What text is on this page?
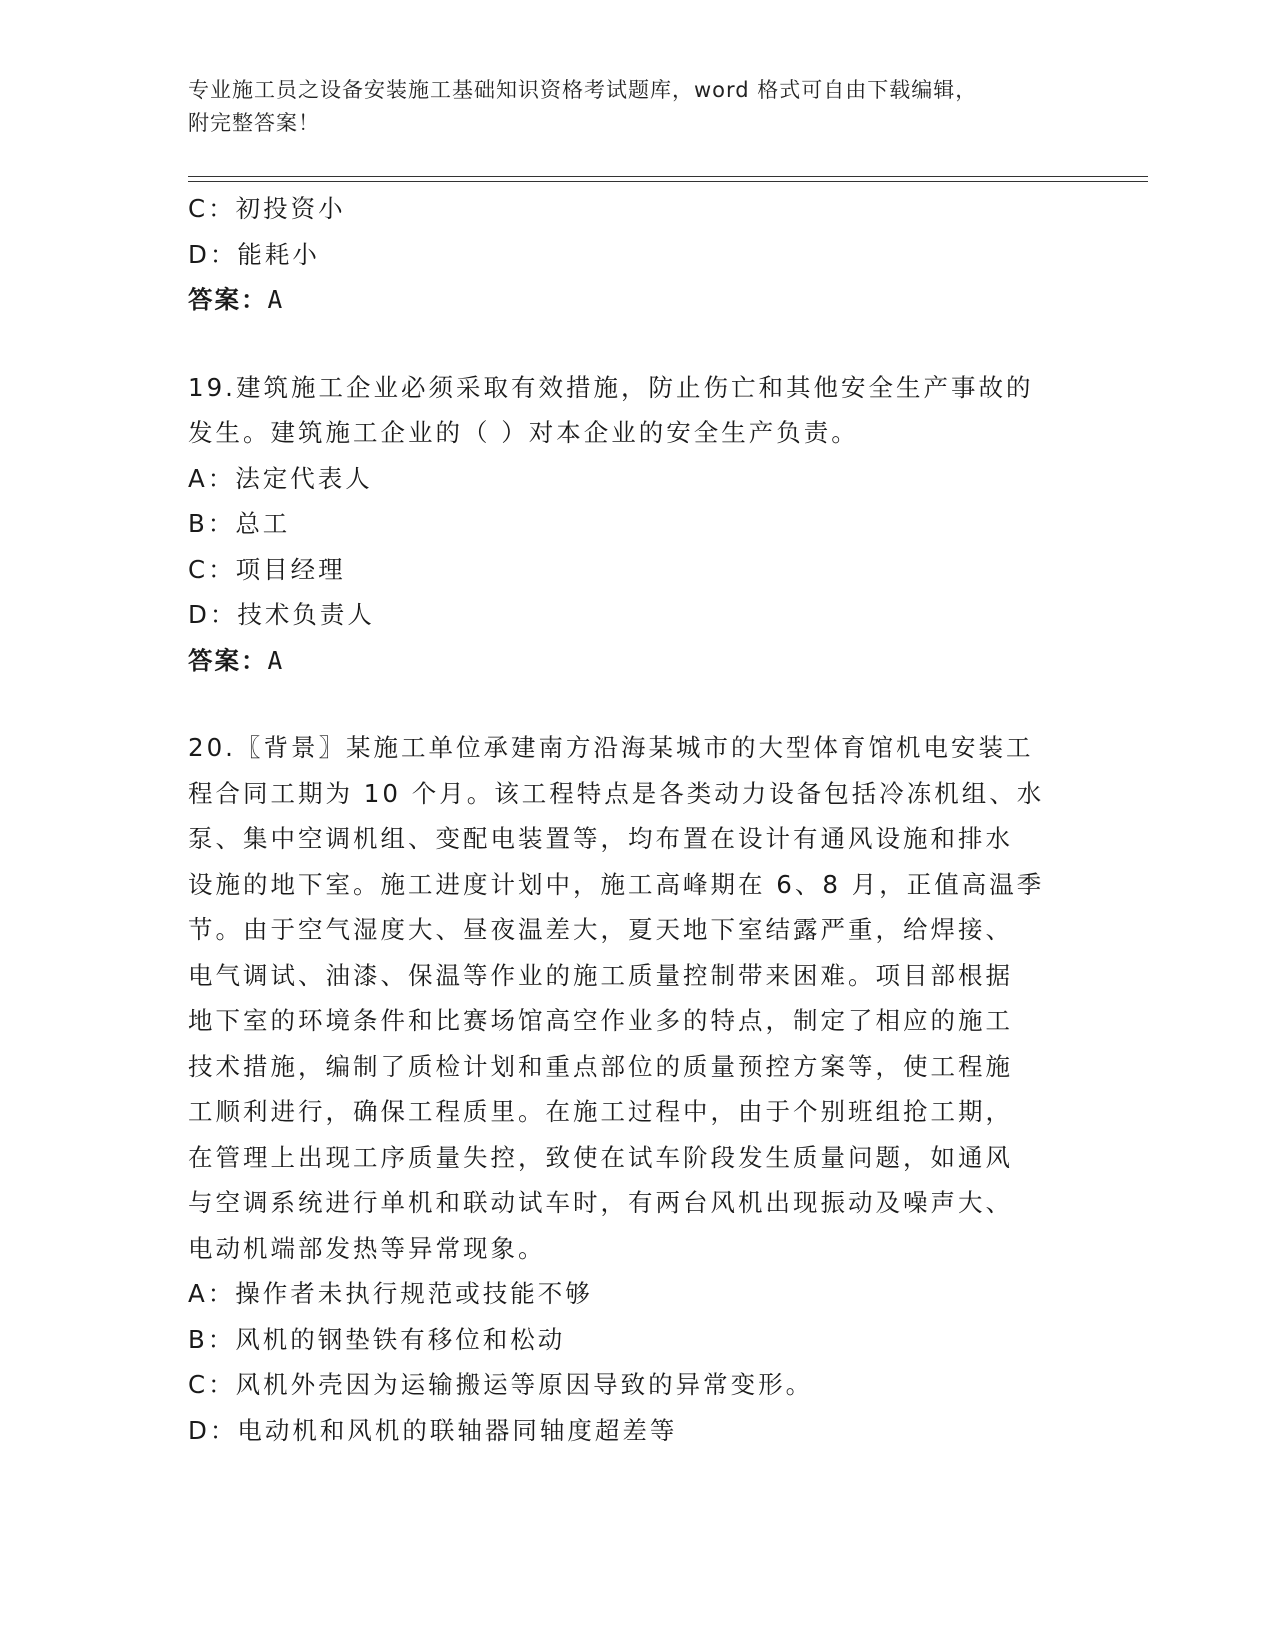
专业施工员之设备安装施工基础知识资格考试题库，word 格式可自由下载编辑，
附完整答案！
C：初投资小
D：能耗小
答案：A
19.建筑施工企业必须采取有效措施，防止伤亡和其他安全生产事故的
发生。建筑施工企业的（ ）对本企业的安全生产负责。
A：法定代表人
B：总工
C：项目经理
D：技术负责人
答案：A
20.〖背景〗某施工单位承建南方沿海某城市的大型体育馆机电安装工
程合同工期为 10 个月。该工程特点是各类动力设备包括冷冻机组、水
泵、集中空调机组、变配电装置等，均布置在设计有通风设施和排水
设施的地下室。施工进度计划中，施工高峰期在 6、8 月，正值高温季
节。由于空气湿度大、昼夜温差大，夏天地下室结露严重，给焊接、
电气调试、油漆、保温等作业的施工质量控制带来困难。项目部根据
地下室的环境条件和比赛场馆高空作业多的特点，制定了相应的施工
技术措施，编制了质检计划和重点部位的质量预控方案等，使工程施
工顺利进行，确保工程质里。在施工过程中，由于个别班组抢工期，
在管理上出现工序质量失控，致使在试车阶段发生质量问题，如通风
与空调系统进行单机和联动试车时，有两台风机出现振动及噪声大、
电动机端部发热等异常现象。
A：操作者未执行规范或技能不够
B：风机的钢垫铁有移位和松动
C：风机外壳因为运输搬运等原因导致的异常变形。
D：电动机和风机的联轴器同轴度超差等
